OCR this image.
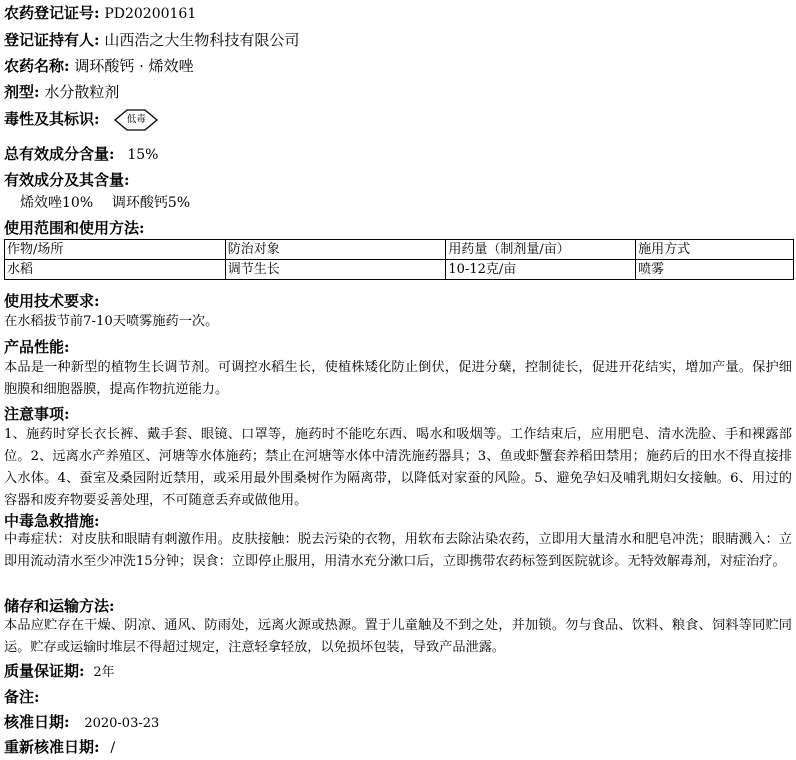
农药登记证号: PD20200161
登记证持有人: 山西浩之大生物科技有限公司
农药名称: 调环酸钙 · 烯效唑
剂型: 水分散粒剂
毒性及其标识:	低毒
总有效成分含量: 15%
有效成分及其含量:
烯效唑10% 调环酸钙5%
使用范围和使用方法:
作物/场所	防治对象	用药量（制剂量/亩）	施用方式
水稻	调节生长	10-12克/亩	喷雾
使用技术要求:
在水稻拔节前7-10天喷雾施药一次。
产品性能:
本品是一种新型的植物生长调节剂。可调控水稻生长，使植株矮化防止倒伏，促进分蘖，控制徒长，促进开花结实，增加产量。保护细胞膜和细胞器膜，提高作物抗逆能力。
注意事项:
1、施药时穿长衣长裤、戴手套、眼镜、口罩等，施药时不能吃东西、喝水和吸烟等。工作结束后，应用肥皂、清水洗脸、手和裸露部位。2、远离水产养殖区、河塘等水体施药；禁止在河塘等水体中清洗施药器具；3、鱼或虾蟹套养稻田禁用；施药后的田水不得直接排入水体。4、蚕室及桑园附近禁用，或采用最外围桑树作为隔离带，以降低对家蚕的风险。5、避免孕妇及哺乳期妇女接触。6、用过的容器和废弃物要妥善处理，不可随意丢弃或做他用。
中毒急救措施:
中毒症状：对皮肤和眼睛有刺激作用。皮肤接触：脱去污染的衣物，用软布去除沾染农药，立即用大量清水和肥皂冲洗；眼睛溅入：立即用流动清水至少冲洗15分钟；误食：立即停止服用，用清水充分漱口后，立即携带农药标签到医院就诊。无特效解毒剂，对症治疗。
储存和运输方法:
本品应贮存在干燥、阴凉、通风、防雨处，远离火源或热源。置于儿童触及不到之处，并加锁。勿与食品、饮料、粮食、饲料等同贮同运。贮存或运输时堆层不得超过规定，注意轻拿轻放，以免损坏包装，导致产品泄露。
质量保证期: 2年
备注:
核准日期: 2020-03-23
重新核准日期: /
